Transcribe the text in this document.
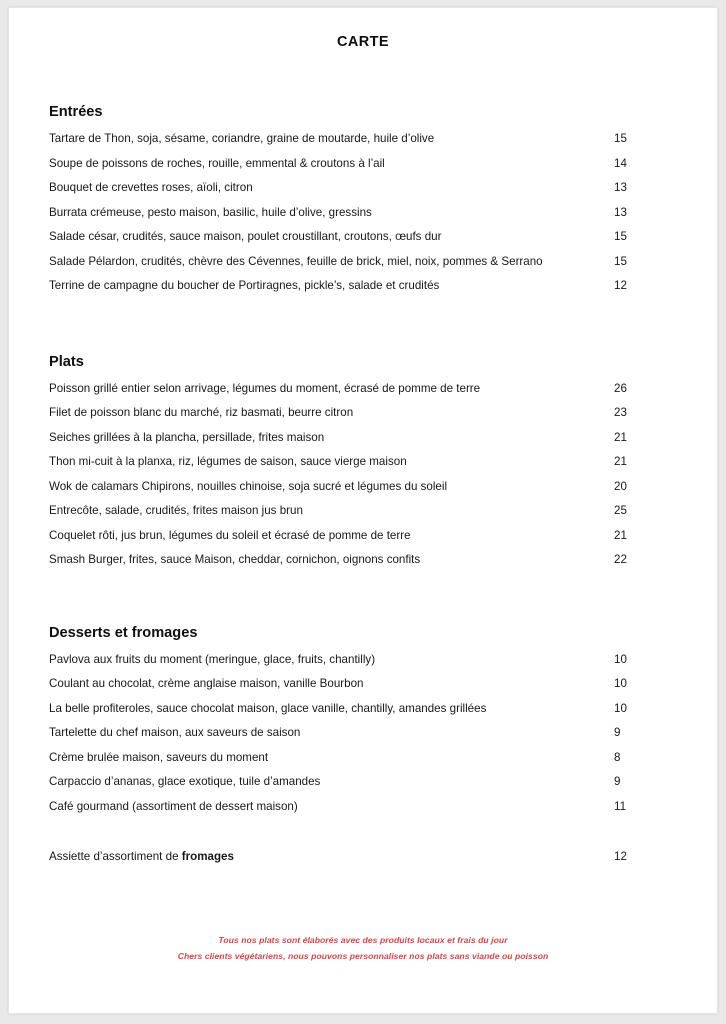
CARTE
Entrées
Tartare de Thon, soja, sésame, coriandre, graine de moutarde, huile d’olive	15
Soupe de poissons de roches, rouille, emmental & croutons à l’ail	14
Bouquet de crevettes roses, aïoli, citron	13
Burrata crémeuse, pesto maison, basilic, huile d’olive, gressins	13
Salade césar, crudités, sauce maison, poulet croustillant, croutons, œufs dur	15
Salade Pélardon, crudités, chèvre des Cévennes, feuille de brick, miel, noix, pommes & Serrano	15
Terrine de campagne du boucher de Portiragnes, pickle’s, salade et crudités	12
Plats
Poisson grillé entier selon arrivage, légumes du moment, écrasé de pomme de terre	26
Filet de poisson blanc du marché, riz basmati, beurre citron	23
Seiches grillées à la plancha, persillade, frites maison	21
Thon mi-cuit à la planxa, riz, légumes de saison, sauce vierge maison	21
Wok de calamars Chipirons, nouilles chinoise, soja sucré et légumes du soleil	20
Entrecôte, salade, crudités, frites maison jus brun	25
Coquelet rôti, jus brun, légumes du soleil et écrasé de pomme de terre	21
Smash Burger, frites, sauce Maison, cheddar, cornichon, oignons confits	22
Desserts et fromages
Pavlova aux fruits du moment (meringue, glace, fruits, chantilly)	10
Coulant au chocolat, crème anglaise maison, vanille Bourbon	10
La belle profiteroles, sauce chocolat maison, glace vanille, chantilly, amandes grillées	10
Tartelette du chef maison, aux saveurs de saison	9
Crème brulée maison, saveurs du moment	8
Carpaccio d’ananas, glace exotique, tuile d’amandes	9
Café gourmand (assortiment de dessert maison)	11
Assiette d’assortiment de fromages	12
Tous nos plats sont élaborés avec des produits locaux et frais du jour
Chers clients végétariens, nous pouvons personnaliser nos plats sans viande ou poisson
